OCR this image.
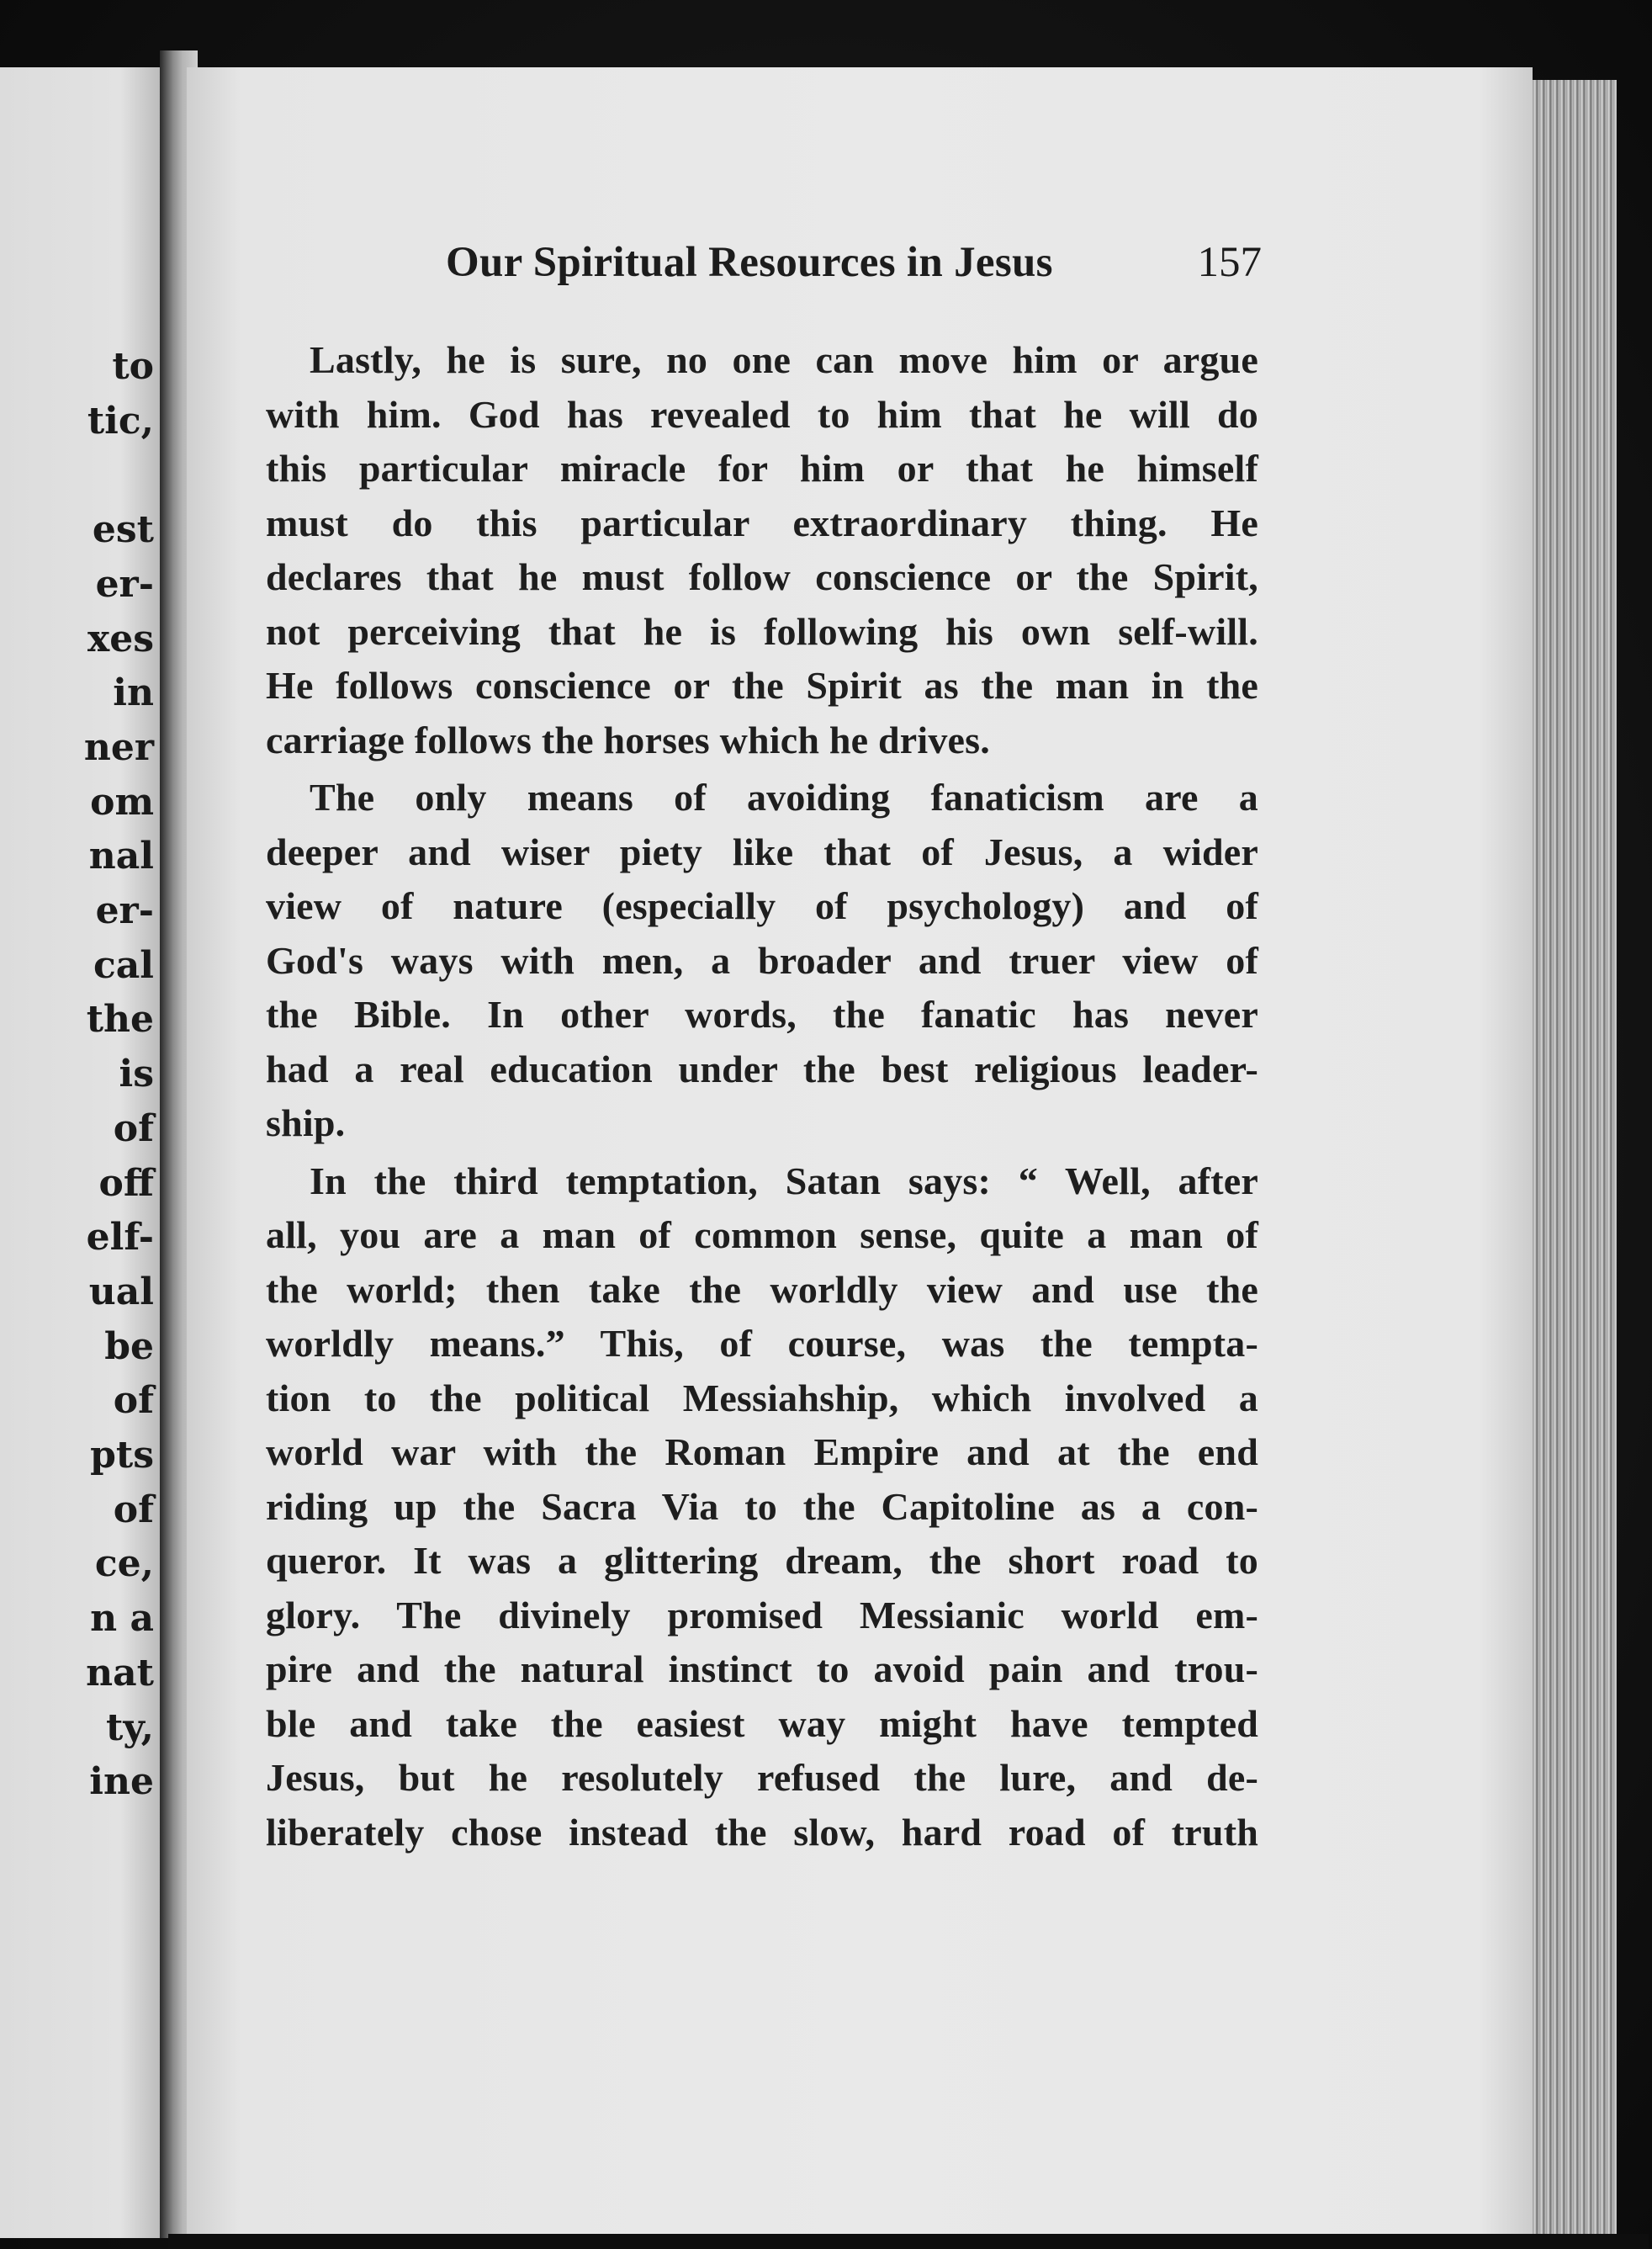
to
tic,
est
er-
xes
in
ner
om
nal
er-
cal
the
is
of
off
elf-
ual
be
of
pts
of
ce,
n a
nat
ty,
ine
Our Spiritual Resources in Jesus	157
Lastly, he is sure, no one can move him or argue
with him. God has revealed to him that he will do
this particular miracle for him or that he himself
must do this particular extraordinary thing. He
declares that he must follow conscience or the Spirit,
not perceiving that he is following his own self-will.
He follows conscience or the Spirit as the man in the
carriage follows the horses which he drives.
The only means of avoiding fanaticism are a
deeper and wiser piety like that of Jesus, a wider
view of nature (especially of psychology) and of
God's ways with men, a broader and truer view of
the Bible. In other words, the fanatic has never
had a real education under the best religious leader-
ship.
In the third temptation, Satan says: “ Well, after
all, you are a man of common sense, quite a man of
the world; then take the worldly view and use the
worldly means.” This, of course, was the tempta-
tion to the political Messiahship, which involved a
world war with the Roman Empire and at the end
riding up the Sacra Via to the Capitoline as a con-
queror. It was a glittering dream, the short road to
glory. The divinely promised Messianic world em-
pire and the natural instinct to avoid pain and trou-
ble and take the easiest way might have tempted
Jesus, but he resolutely refused the lure, and de-
liberately chose instead the slow, hard road of truth
